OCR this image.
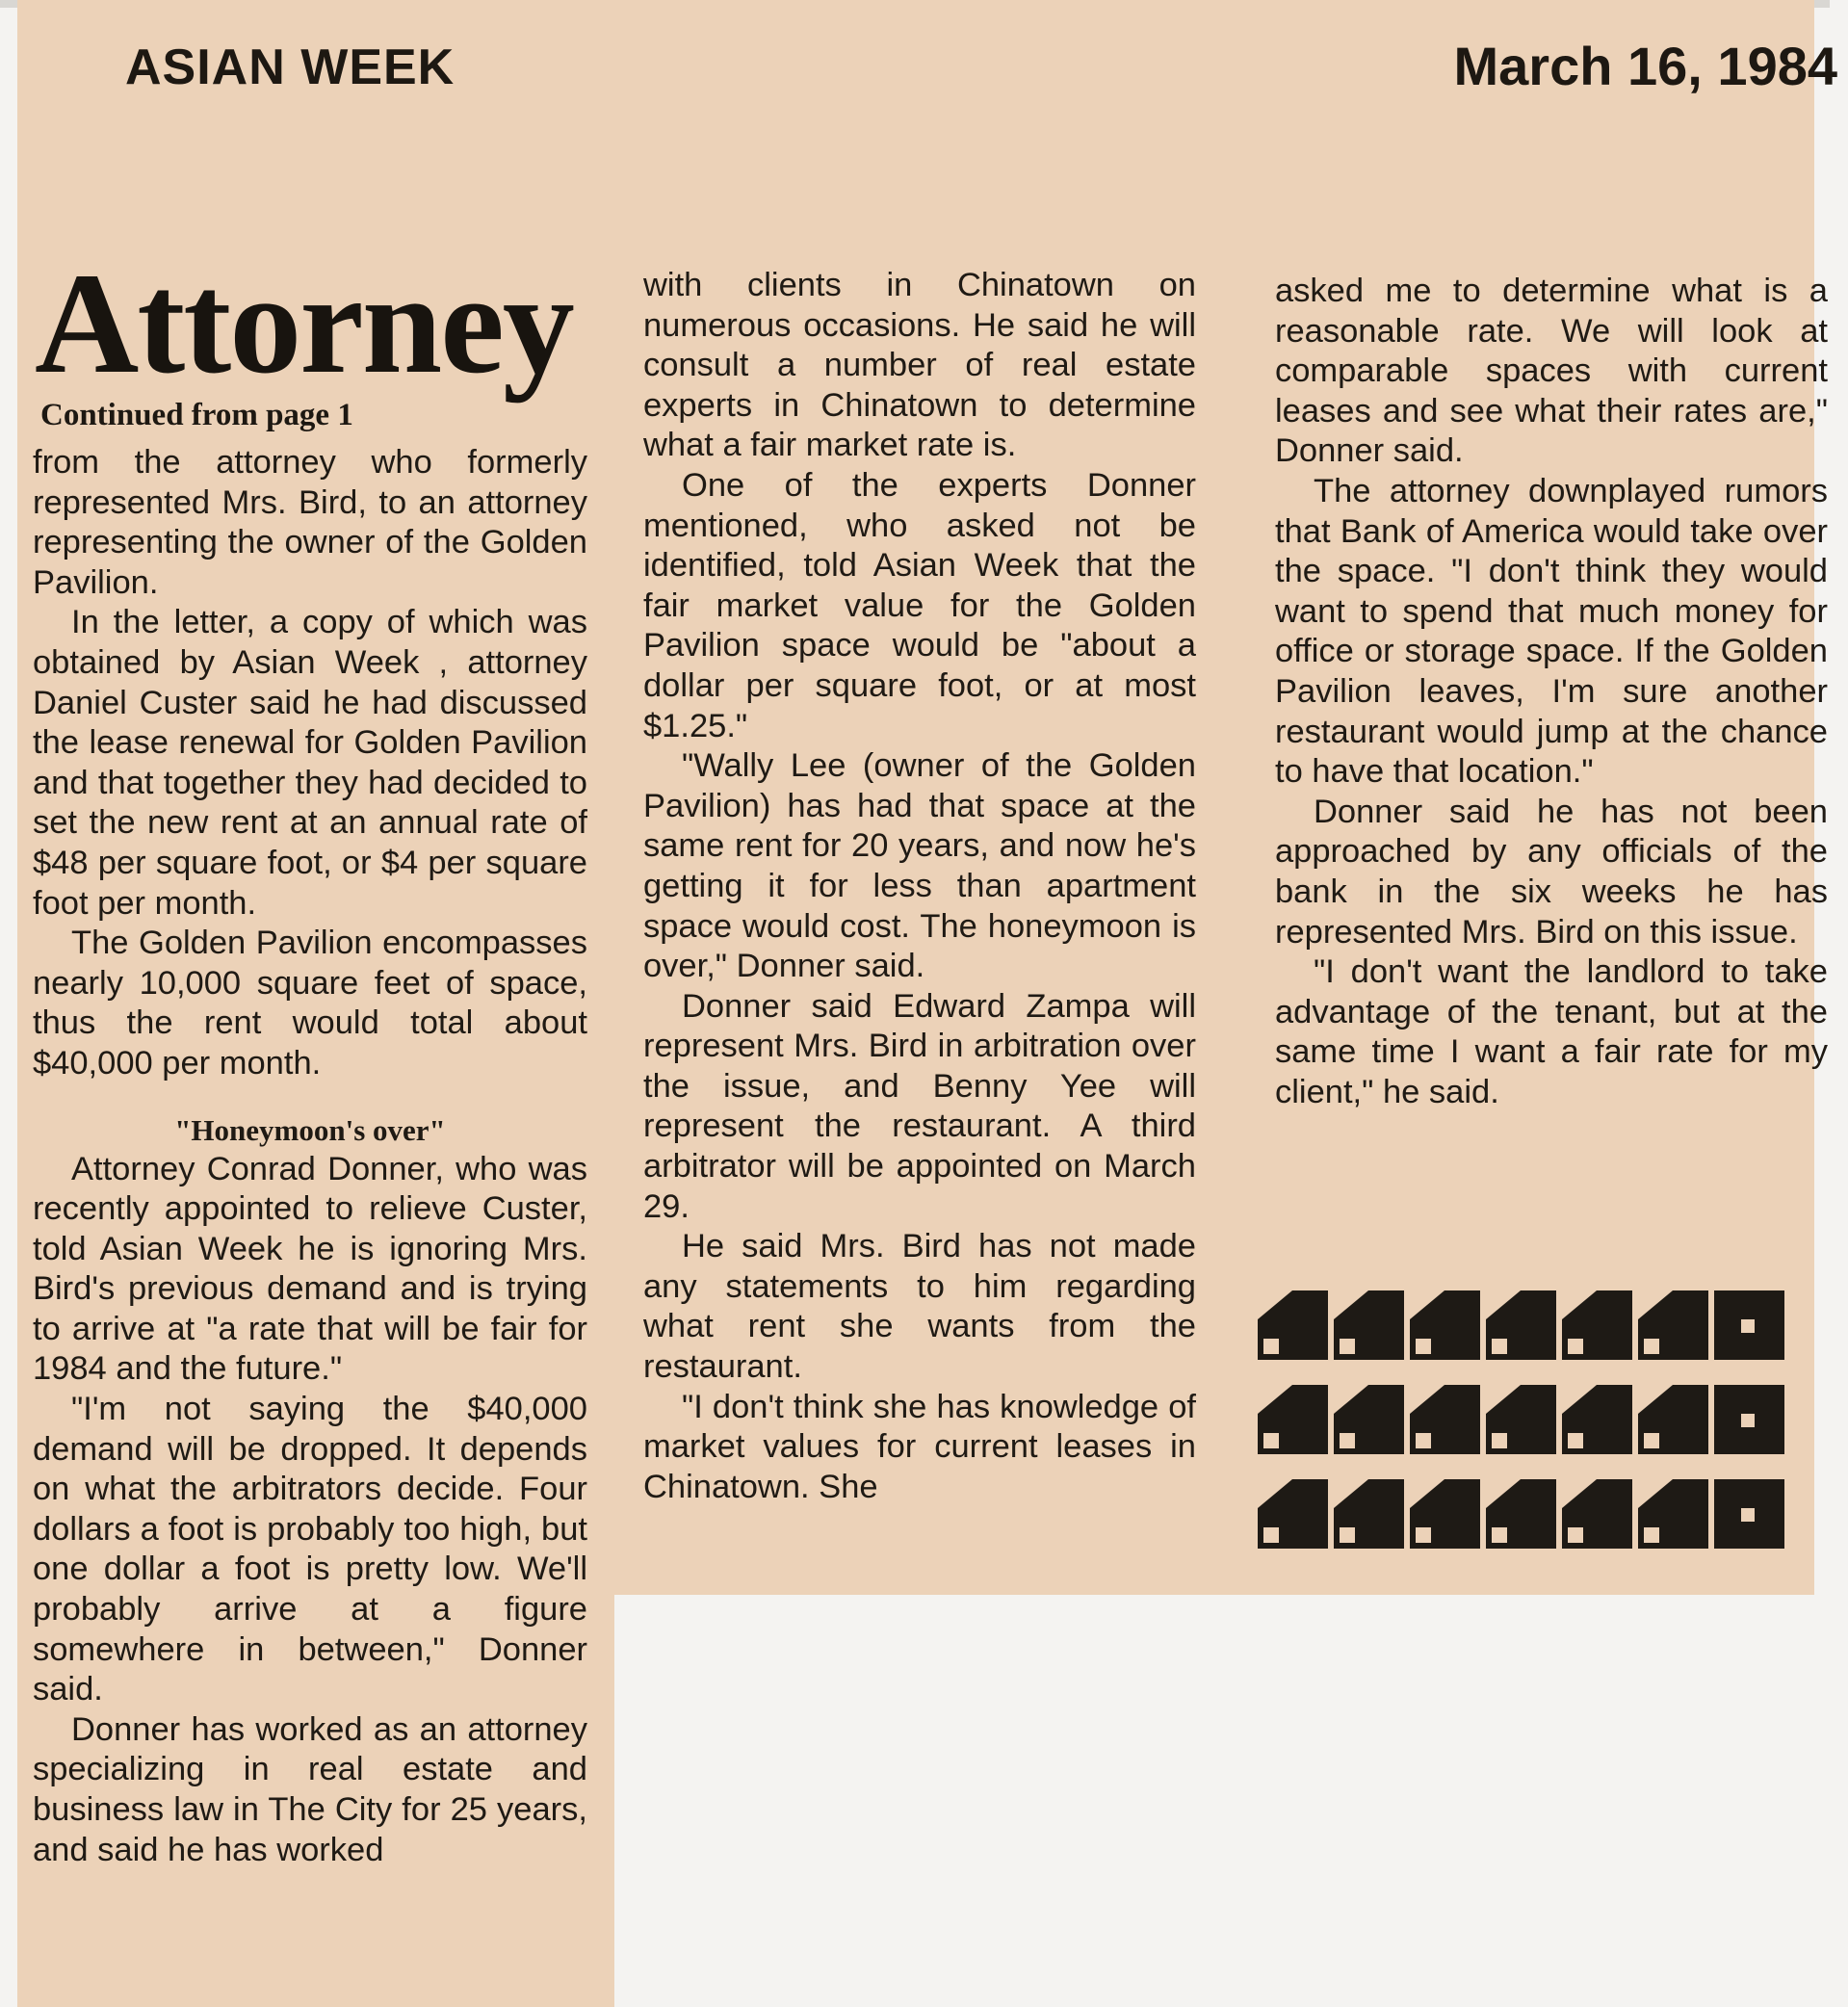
ASIAN WEEK	March 16, 1984
Attorney
Continued from page 1

from the attorney who formerly represented Mrs. Bird, to an attorney representing the owner of the Golden Pavilion.

In the letter, a copy of which was obtained by Asian Week , attorney Daniel Custer said he had discussed the lease renewal for Golden Pavilion and that together they had decided to set the new rent at an annual rate of $48 per square foot, or $4 per square foot per month.

The Golden Pavilion encompasses nearly 10,000 square feet of space, thus the rent would total about $40,000 per month.

"Honeymoon's over"

Attorney Conrad Donner, who was recently appointed to relieve Custer, told Asian Week he is ignoring Mrs. Bird's previous demand and is trying to arrive at "a rate that will be fair for 1984 and the future."

"I'm not saying the $40,000 demand will be dropped. It depends on what the arbitrators decide. Four dollars a foot is probably too high, but one dollar a foot is pretty low. We'll probably arrive at a figure somewhere in between," Donner said.

Donner has worked as an attorney specializing in real estate and business law in The City for 25 years, and said he has worked

with clients in Chinatown on numerous occasions. He said he will consult a number of real estate experts in Chinatown to determine what a fair market rate is.

One of the experts Donner mentioned, who asked not be identified, told Asian Week that the fair market value for the Golden Pavilion space would be "about a dollar per square foot, or at most $1.25."

"Wally Lee (owner of the Golden Pavilion) has had that space at the same rent for 20 years, and now he's getting it for less than apartment space would cost. The honeymoon is over," Donner said.

Donner said Edward Zampa will represent Mrs. Bird in arbitration over the issue, and Benny Yee will represent the restaurant. A third arbitrator will be appointed on March 29.

He said Mrs. Bird has not made any statements to him regarding what rent she wants from the restaurant.

"I don't think she has knowledge of market values for current leases in Chinatown. She

asked me to determine what is a reasonable rate. We will look at comparable spaces with current leases and see what their rates are," Donner said.

The attorney downplayed rumors that Bank of America would take over the space. "I don't think they would want to spend that much money for office or storage space. If the Golden Pavilion leaves, I'm sure another restaurant would jump at the chance to have that location."

Donner said he has not been approached by any officials of the bank in the six weeks he has represented Mrs. Bird on this issue.

"I don't want the landlord to take advantage of the tenant, but at the same time I want a fair rate for my client," he said.
